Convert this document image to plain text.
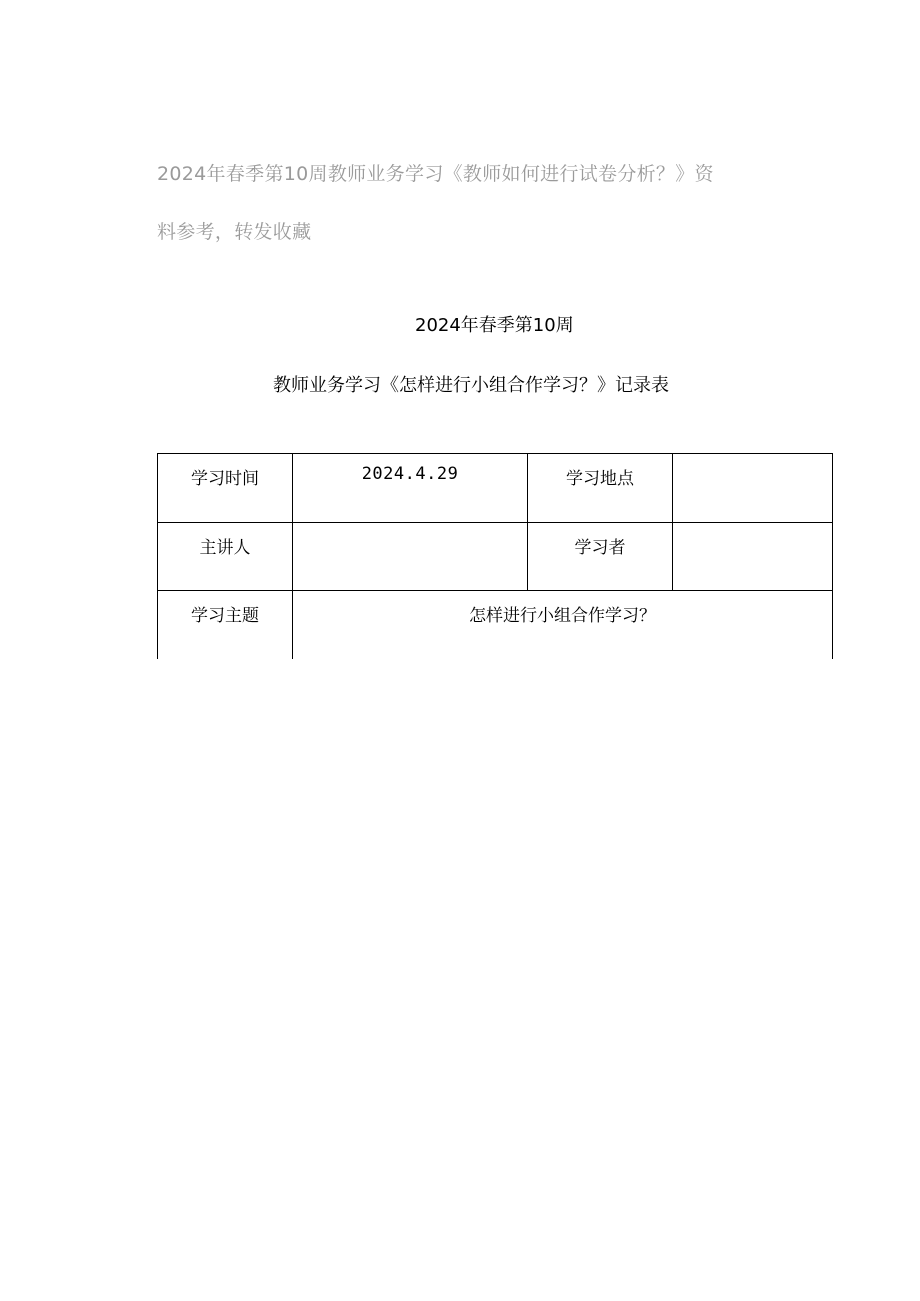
2024年春季第10周教师业务学习《教师如何进行试卷分析？》资
料参考，转发收藏
2024年春季第10周
教师业务学习《怎样进行小组合作学习？》记录表
学习时间	2024.4.29	学习地点	
主讲人		学习者	
学习主题	怎样进行小组合作学习？		
